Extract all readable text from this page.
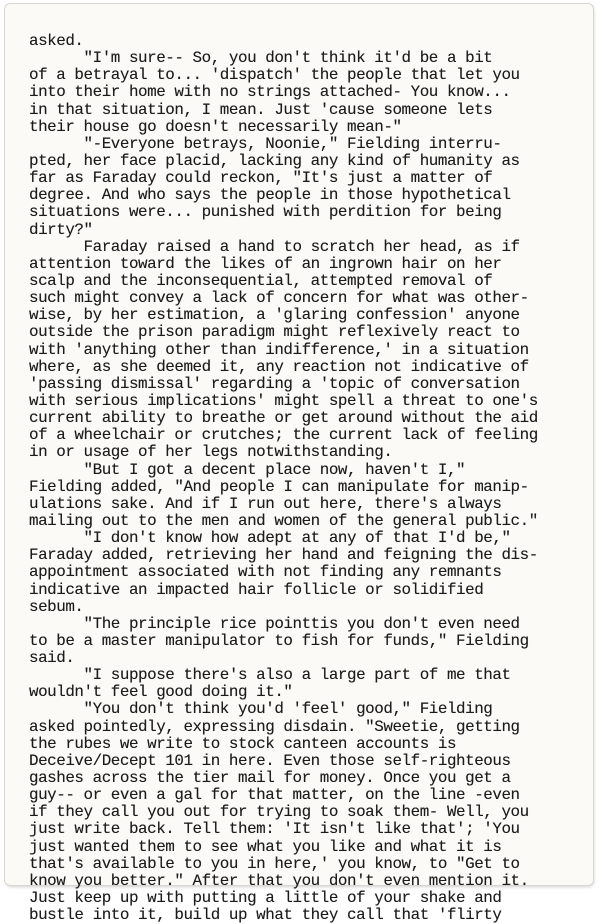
asked.
"I'm sure-- So, you don't think it'd be a bit
of a betrayal to... 'dispatch' the people that let you
into their home with no strings attached- You know...
in that situation, I mean. Just 'cause someone lets
their house go doesn't necessarily mean-"
"-Everyone betrays, Noonie," Fielding interru-
pted, her face placid, lacking any kind of humanity as
far as Faraday could reckon, "It's just a matter of
degree. And who says the people in those hypothetical
situations were... punished with perdition for being
dirty?"
Faraday raised a hand to scratch her head, as if
attention toward the likes of an ingrown hair on her
scalp and the inconsequential, attempted removal of
such might convey a lack of concern for what was other-
wise, by her estimation, a 'glaring confession' anyone
outside the prison paradigm might reflexively react to
with 'anything other than indifference,' in a situation
where, as she deemed it, any reaction not indicative of
'passing dismissal' regarding a 'topic of conversation
with serious implications' might spell a threat to one's
current ability to breathe or get around without the aid
of a wheelchair or crutches; the current lack of feeling
in or usage of her legs notwithstanding.
"But I got a decent place now, haven't I,"
Fielding added, "And people I can manipulate for manip-
ulations sake. And if I run out here, there's always
mailing out to the men and women of the general public."
"I don't know how adept at any of that I'd be,"
Faraday added, retrieving her hand and feigning the dis-
appointment associated with not finding any remnants
indicative an impacted hair follicle or solidified
sebum.
"The principle rice pointtis you don't even need
to be a master manipulator to fish for funds," Fielding
said.
"I suppose there's also a large part of me that
wouldn't feel good doing it."
"You don't think you'd 'feel' good," Fielding
asked pointedly, expressing disdain. "Sweetie, getting
the rubes we write to stock canteen accounts is
Deceive/Decept 101 in here. Even those self-righteous
gashes across the tier mail for money. Once you get a
guy-- or even a gal for that matter, on the line -even
if they call you out for trying to soak them- Well, you
just write back. Tell them: 'It isn't like that'; 'You
just wanted them to see what you like and what it is
that's available to you in here,' you know, to "Get to
know you better." After that you don't even mention it.
Just keep up with putting a little of your shake and
bustle into it, build up what they call that 'flirty
